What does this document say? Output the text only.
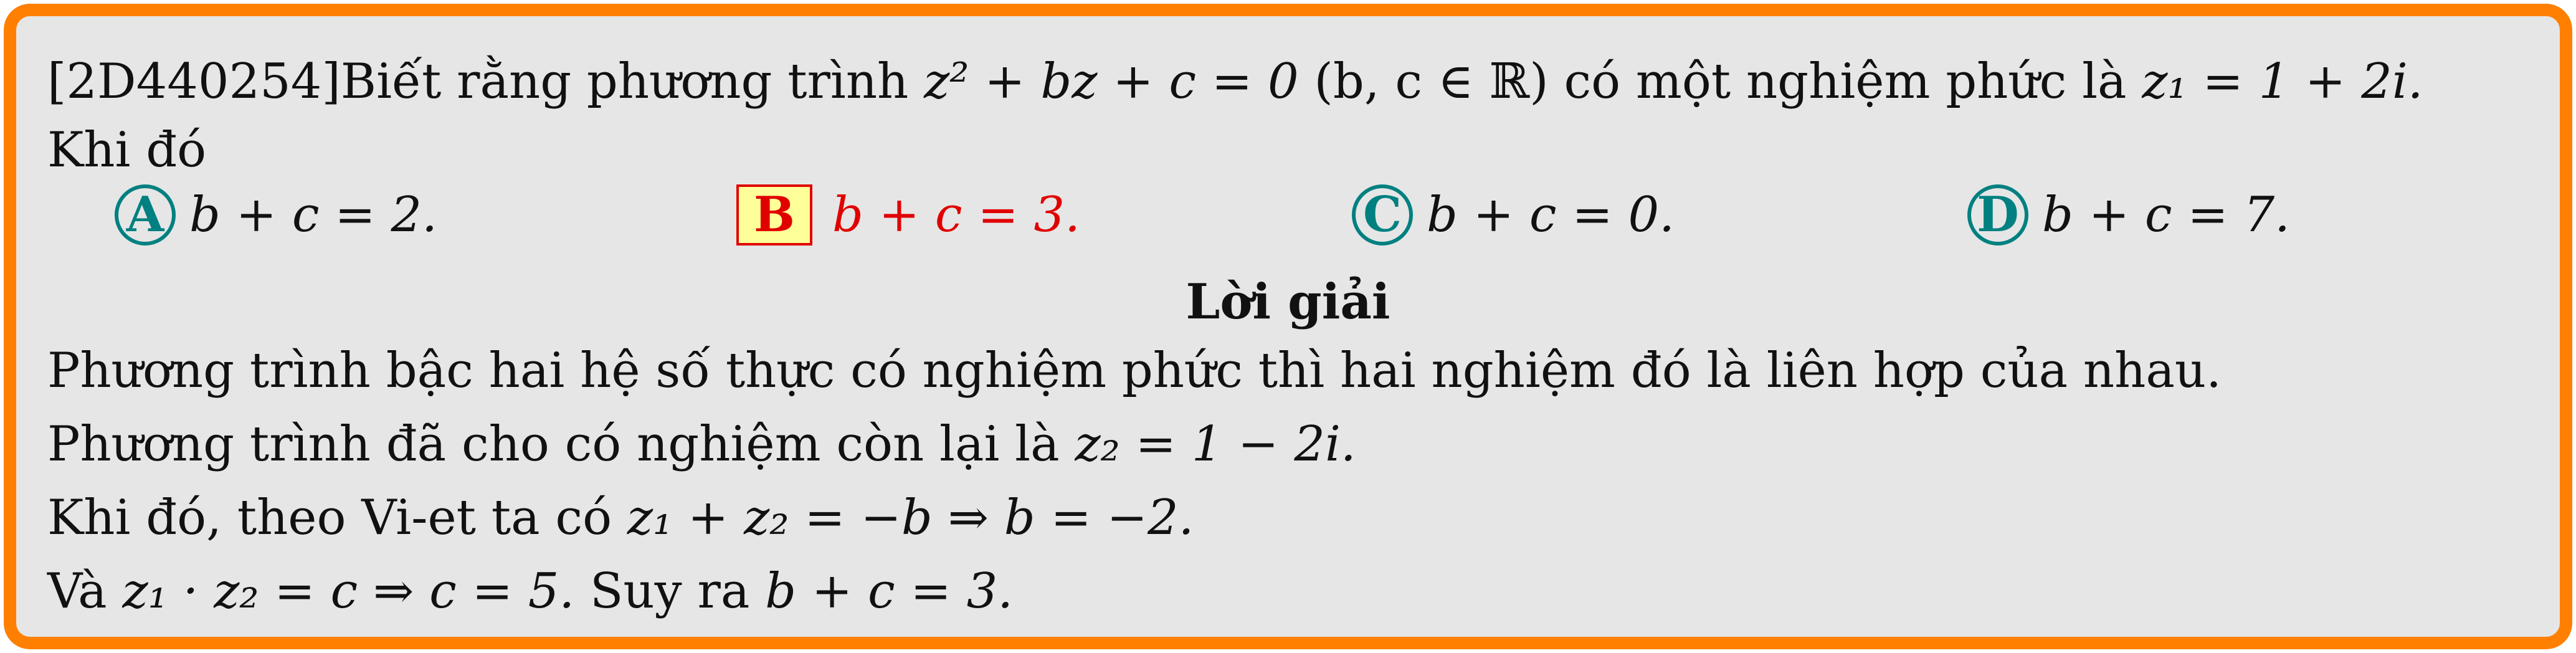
[2D440254]Biết rằng phương trình z² + bz + c = 0 (b, c ∈ ℝ) có một nghiệm phức là z₁ = 1 + 2i.
Khi đó
A b + c = 2.	B b + c = 3.	C b + c = 0.	D b + c = 7.
Lời giải
Phương trình bậc hai hệ số thực có nghiệm phức thì hai nghiệm đó là liên hợp của nhau.
Phương trình đã cho có nghiệm còn lại là z₂ = 1 − 2i.
Khi đó, theo Vi-et ta có z₁ + z₂ = −b ⇒ b = −2.
Và z₁ · z₂ = c ⇒ c = 5. Suy ra b + c = 3.
